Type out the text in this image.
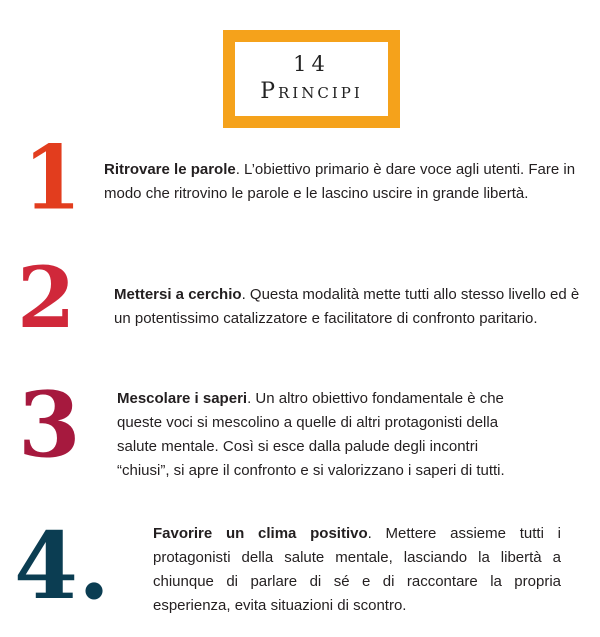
14
Principi
1 Ritrovare le parole. L’obiettivo primario è dare voce agli utenti. Fare in modo che ritrovino le parole e le lascino uscire in grande libertà.

2	Mettersi a cerchio. Questa modalità mette tutti allo stesso livello ed è un potentissimo catalizzatore e facilitatore di confronto paritario.

3 Mescolare i saperi. Un altro obiettivo fondamentale è che queste voci si mescolino a quelle di altri protagonisti della salute mentale. Così si esce dalla palude degli incontri “chiusi”, si apre il confronto e si valorizzano i saperi di tutti.

4.	Favorire un clima positivo. Mettere assieme tutti i protagonisti della salute mentale, lasciando la libertà a chiunque di parlare di sé e di raccontare la propria esperienza, evita situazioni di scontro.
